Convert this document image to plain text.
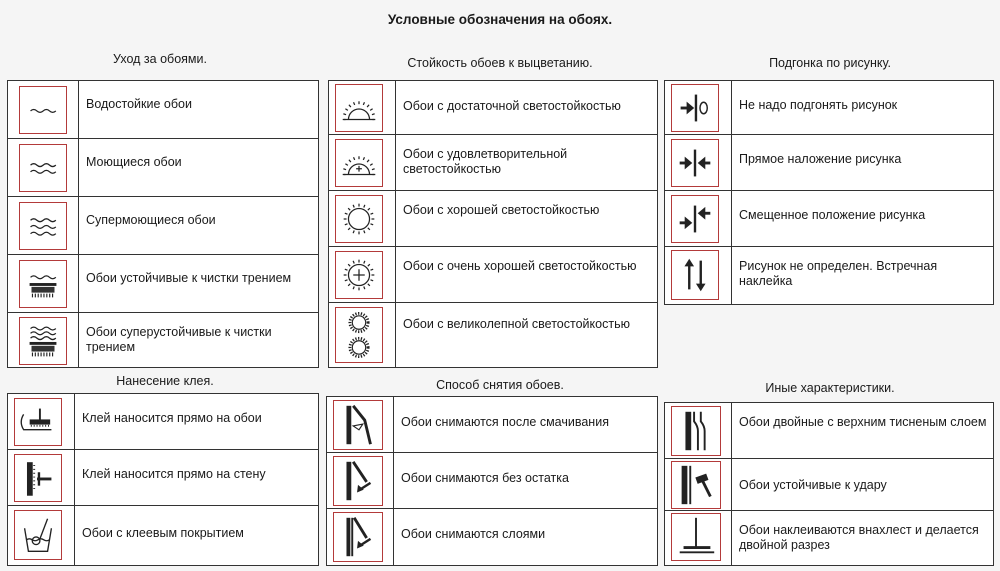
Условные обозначения на обоях.
Уход за обоями.
Водостойкие обои
Моющиеся обои
Супермоющиеся обои
Обои устойчивые к чистки трением
Обои суперустойчивые к чистки трением
Стойкость обоев к выцветанию.
Обои с достаточной светостойкостью
Обои с удовлетворительной светостойкостью
Обои с хорошей светостойкостью
Обои с очень хорошей светостойкостью
Обои с великолепной светостойкостью
Подгонка по рисунку.
Не надо подгонять рисунок
Прямое наложение рисунка
Смещенное положение рисунка
Рисунок не определен. Встречная наклейка
Нанесение клея.
Клей наносится прямо на обои
Клей наносится прямо на стену
Обои с клеевым покрытием
Способ снятия обоев.
Обои снимаются после смачивания
Обои снимаются без остатка
Обои снимаются слоями
Иные характеристики.
Обои двойные с верхним тисненым слоем
Обои устойчивые к удару
Обои наклеиваются внахлест и делается двойной разрез
